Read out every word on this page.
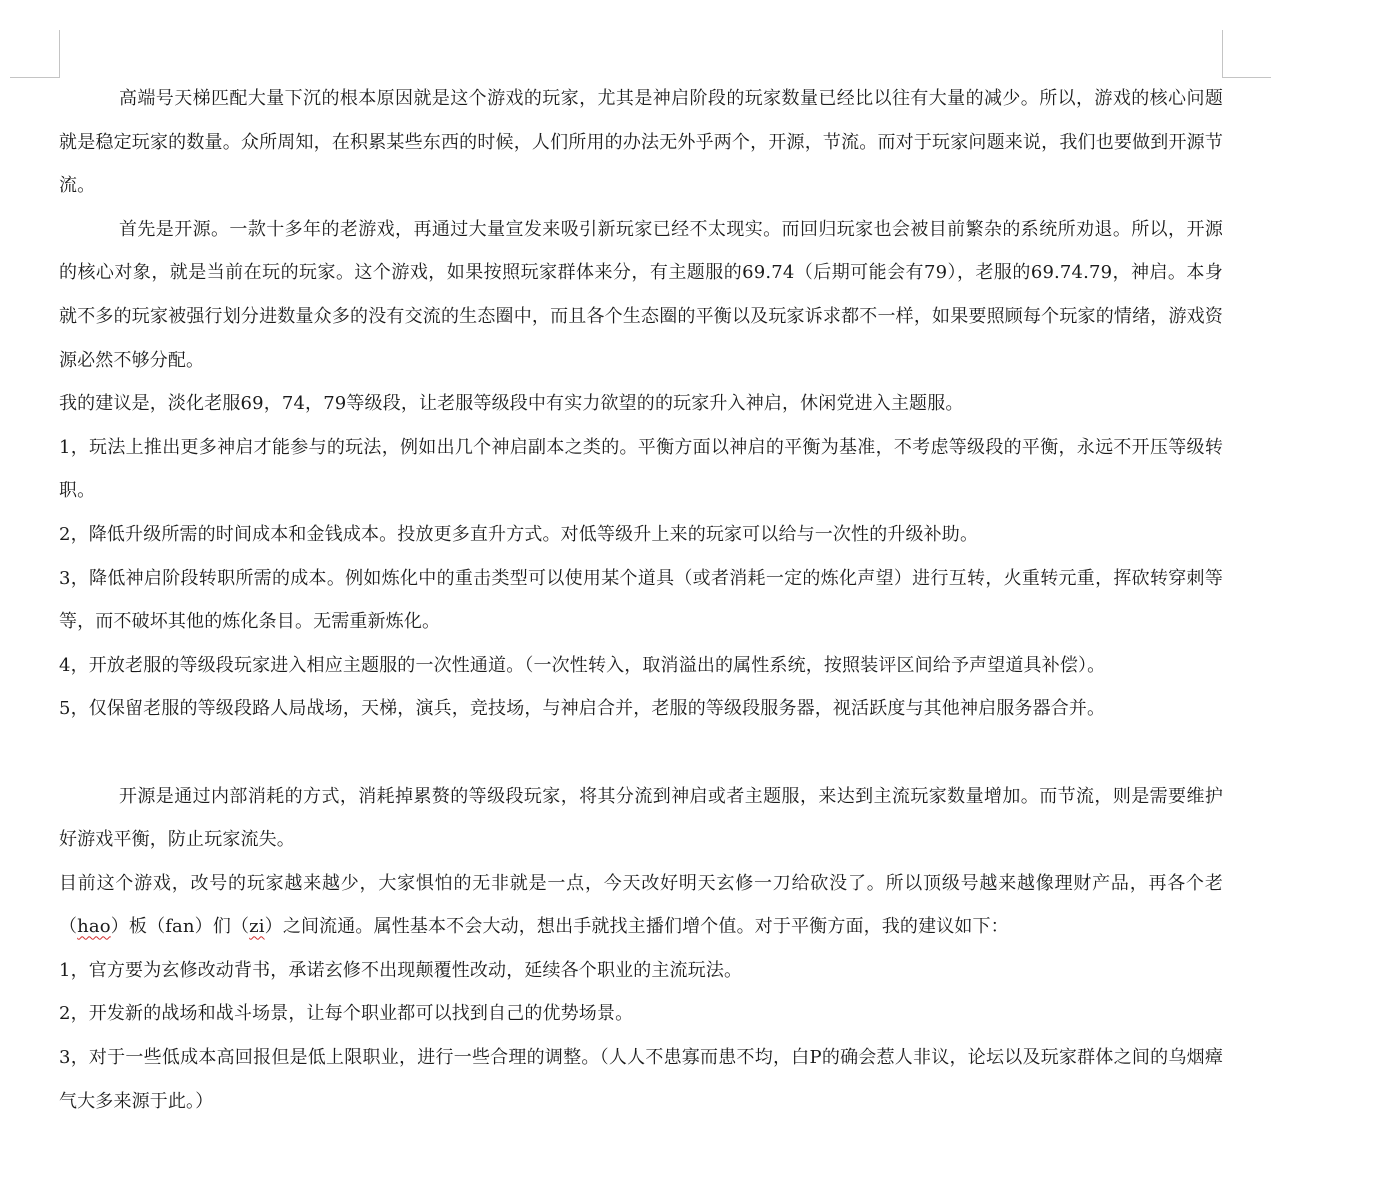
高端号天梯匹配大量下沉的根本原因就是这个游戏的玩家，尤其是神启阶段的玩家数量已经比以往有大量的减少。所以，游戏的核心问题就是稳定玩家的数量。众所周知，在积累某些东西的时候，人们所用的办法无外乎两个，开源，节流。而对于玩家问题来说，我们也要做到开源节流。

首先是开源。一款十多年的老游戏，再通过大量宣发来吸引新玩家已经不太现实。而回归玩家也会被目前繁杂的系统所劝退。所以，开源的核心对象，就是当前在玩的玩家。这个游戏，如果按照玩家群体来分，有主题服的69.74（后期可能会有79），老服的69.74.79，神启。本身就不多的玩家被强行划分进数量众多的没有交流的生态圈中，而且各个生态圈的平衡以及玩家诉求都不一样，如果要照顾每个玩家的情绪，游戏资源必然不够分配。

我的建议是，淡化老服69，74，79等级段，让老服等级段中有实力欲望的的玩家升入神启，休闲党进入主题服。

1，玩法上推出更多神启才能参与的玩法，例如出几个神启副本之类的。平衡方面以神启的平衡为基准，不考虑等级段的平衡，永远不开压等级转职。

2，降低升级所需的时间成本和金钱成本。投放更多直升方式。对低等级升上来的玩家可以给与一次性的升级补助。

3，降低神启阶段转职所需的成本。例如炼化中的重击类型可以使用某个道具（或者消耗一定的炼化声望）进行互转，火重转元重，挥砍转穿刺等等，而不破坏其他的炼化条目。无需重新炼化。

4，开放老服的等级段玩家进入相应主题服的一次性通道。（一次性转入，取消溢出的属性系统，按照装评区间给予声望道具补偿）。

5，仅保留老服的等级段路人局战场，天梯，演兵，竞技场，与神启合并，老服的等级段服务器，视活跃度与其他神启服务器合并。

开源是通过内部消耗的方式，消耗掉累赘的等级段玩家，将其分流到神启或者主题服，来达到主流玩家数量增加。而节流，则是需要维护好游戏平衡，防止玩家流失。

目前这个游戏，改号的玩家越来越少，大家惧怕的无非就是一点，今天改好明天玄修一刀给砍没了。所以顶级号越来越像理财产品，再各个老（hao）板（fan）们（zi）之间流通。属性基本不会大动，想出手就找主播们增个值。对于平衡方面，我的建议如下：

1，官方要为玄修改动背书，承诺玄修不出现颠覆性改动，延续各个职业的主流玩法。

2，开发新的战场和战斗场景，让每个职业都可以找到自己的优势场景。

3，对于一些低成本高回报但是低上限职业，进行一些合理的调整。（人人不患寡而患不均，白P的确会惹人非议，论坛以及玩家群体之间的乌烟瘴气大多来源于此。）
